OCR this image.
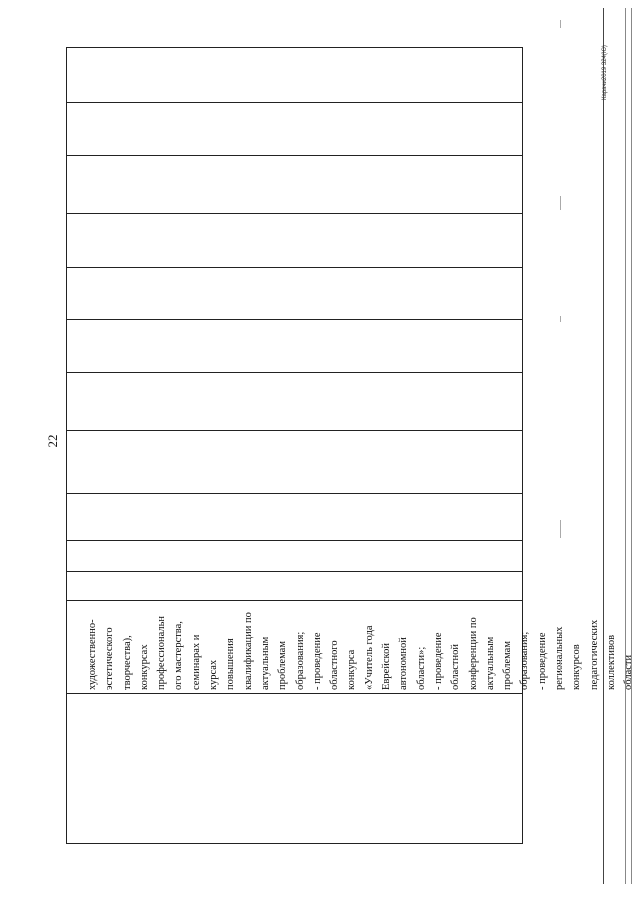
22
художественно- эстетического творчества), конкурсах профессиональн ого мастерства, семинарах и курсах повышения квалификации по актуальным проблемам образования; - проведение областного конкурса «Учитель года Еврейской автономной области»; - проведение областной конференции по актуальным проблемам образования; - проведение региональных конкурсов педагогических коллективов области
Карачи2019 324(Ю)
